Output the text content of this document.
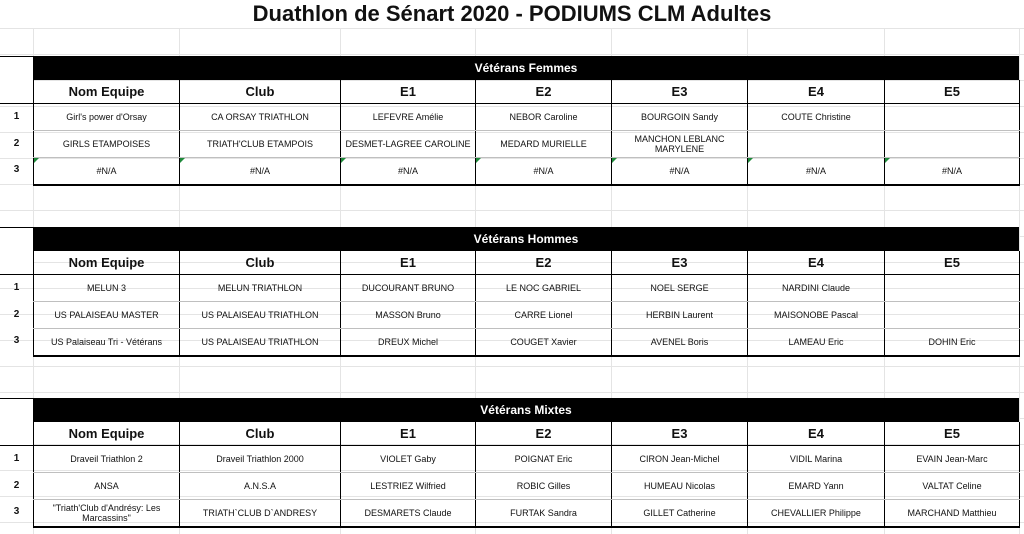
Duathlon de Sénart 2020 - PODIUMS CLM Adultes
Vétérans Femmes
1
2
3
Nom Equipe	Club	E1	E2	E3	E4	E5
Girl's power d'Orsay	CA ORSAY TRIATHLON	LEFEVRE Amélie	NEBOR Caroline	BOURGOIN Sandy	COUTE Christine	
GIRLS ETAMPOISES	TRIATH'CLUB ETAMPOIS	DESMET-LAGREE CAROLINE	MEDARD MURIELLE	MANCHON LEBLANC MARYLENE		
#N/A	#N/A	#N/A	#N/A	#N/A	#N/A	#N/A
Vétérans Hommes
1
2
3
Nom Equipe	Club	E1	E2	E3	E4	E5
MELUN 3	MELUN TRIATHLON	DUCOURANT BRUNO	LE NOC GABRIEL	NOEL SERGE	NARDINI Claude	
US PALAISEAU MASTER	US PALAISEAU TRIATHLON	MASSON Bruno	CARRE Lionel	HERBIN Laurent	MAISONOBE Pascal	
US Palaiseau Tri - Vétérans	US PALAISEAU TRIATHLON	DREUX Michel	COUGET Xavier	AVENEL Boris	LAMEAU Eric	DOHIN Eric
Vétérans Mixtes
1
2
3
Nom Equipe	Club	E1	E2	E3	E4	E5
Draveil Triathlon 2	Draveil Triathlon 2000	VIOLET Gaby	POIGNAT Eric	CIRON Jean-Michel	VIDIL Marina	EVAIN Jean-Marc
ANSA	A.N.S.A	LESTRIEZ Wilfried	ROBIC Gilles	HUMEAU Nicolas	EMARD Yann	VALTAT Celine
"Triath'Club d'Andrésy: Les Marcassins"	TRIATH`CLUB D`ANDRESY	DESMARETS Claude	FURTAK Sandra	GILLET Catherine	CHEVALLIER Philippe	MARCHAND Matthieu
